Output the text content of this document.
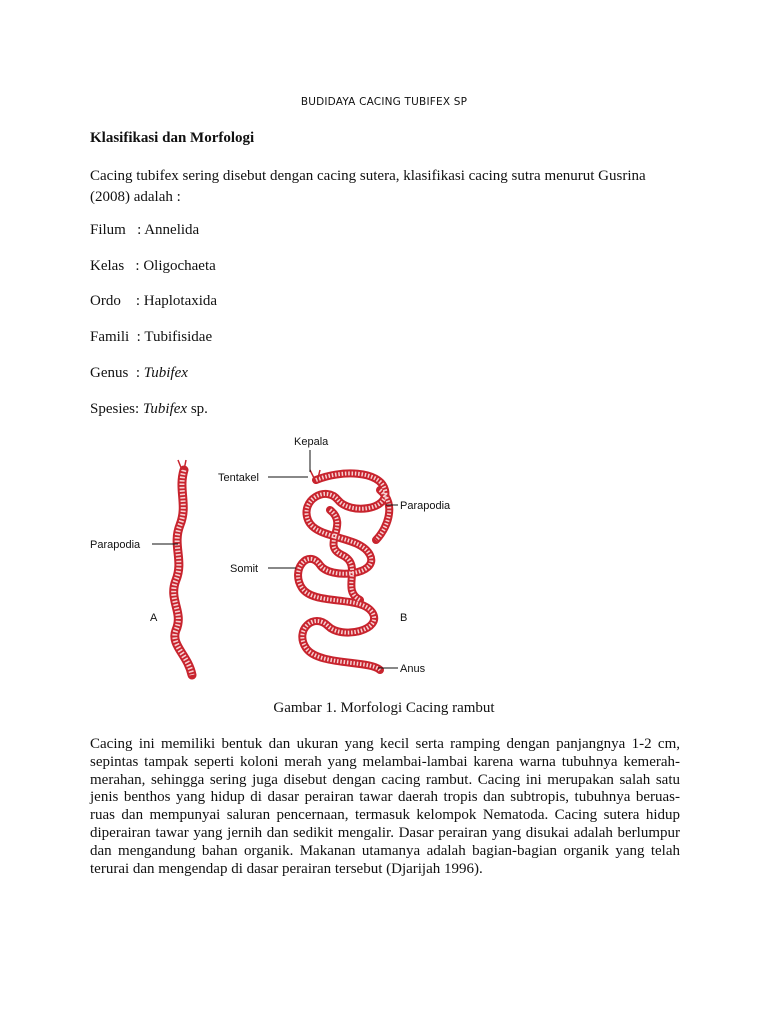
BUDIDAYA CACING TUBIFEX SP
Klasifikasi dan Morfologi
Cacing tubifex sering disebut dengan cacing sutera, klasifikasi cacing sutra menurut Gusrina (2008) adalah :
Filum   : Annelida
Kelas   : Oligochaeta
Ordo    : Haplotaxida
Famili  : Tubifisidae
Genus  : Tubifex
Spesies: Tubifex sp.
Kepala
Tentakel
Parapodia
Parapodia
Somit
A	B
Anus
Gambar 1. Morfologi Cacing rambut
Cacing ini memiliki bentuk dan ukuran yang kecil serta ramping dengan panjangnya 1-2 cm, sepintas tampak seperti koloni merah yang melambai-lambai karena warna tubuhnya kemerah-merahan, sehingga sering juga disebut dengan cacing rambut. Cacing ini merupakan salah satu jenis benthos yang hidup di dasar perairan tawar daerah tropis dan subtropis, tubuhnya beruas-ruas dan mempunyai saluran pencernaan, termasuk kelompok Nematoda. Cacing sutera hidup diperairan tawar yang jernih dan sedikit mengalir. Dasar perairan yang disukai adalah berlumpur dan mengandung bahan organik. Makanan utamanya adalah bagian-bagian organik yang telah terurai dan mengendap di dasar perairan tersebut (Djarijah 1996).
